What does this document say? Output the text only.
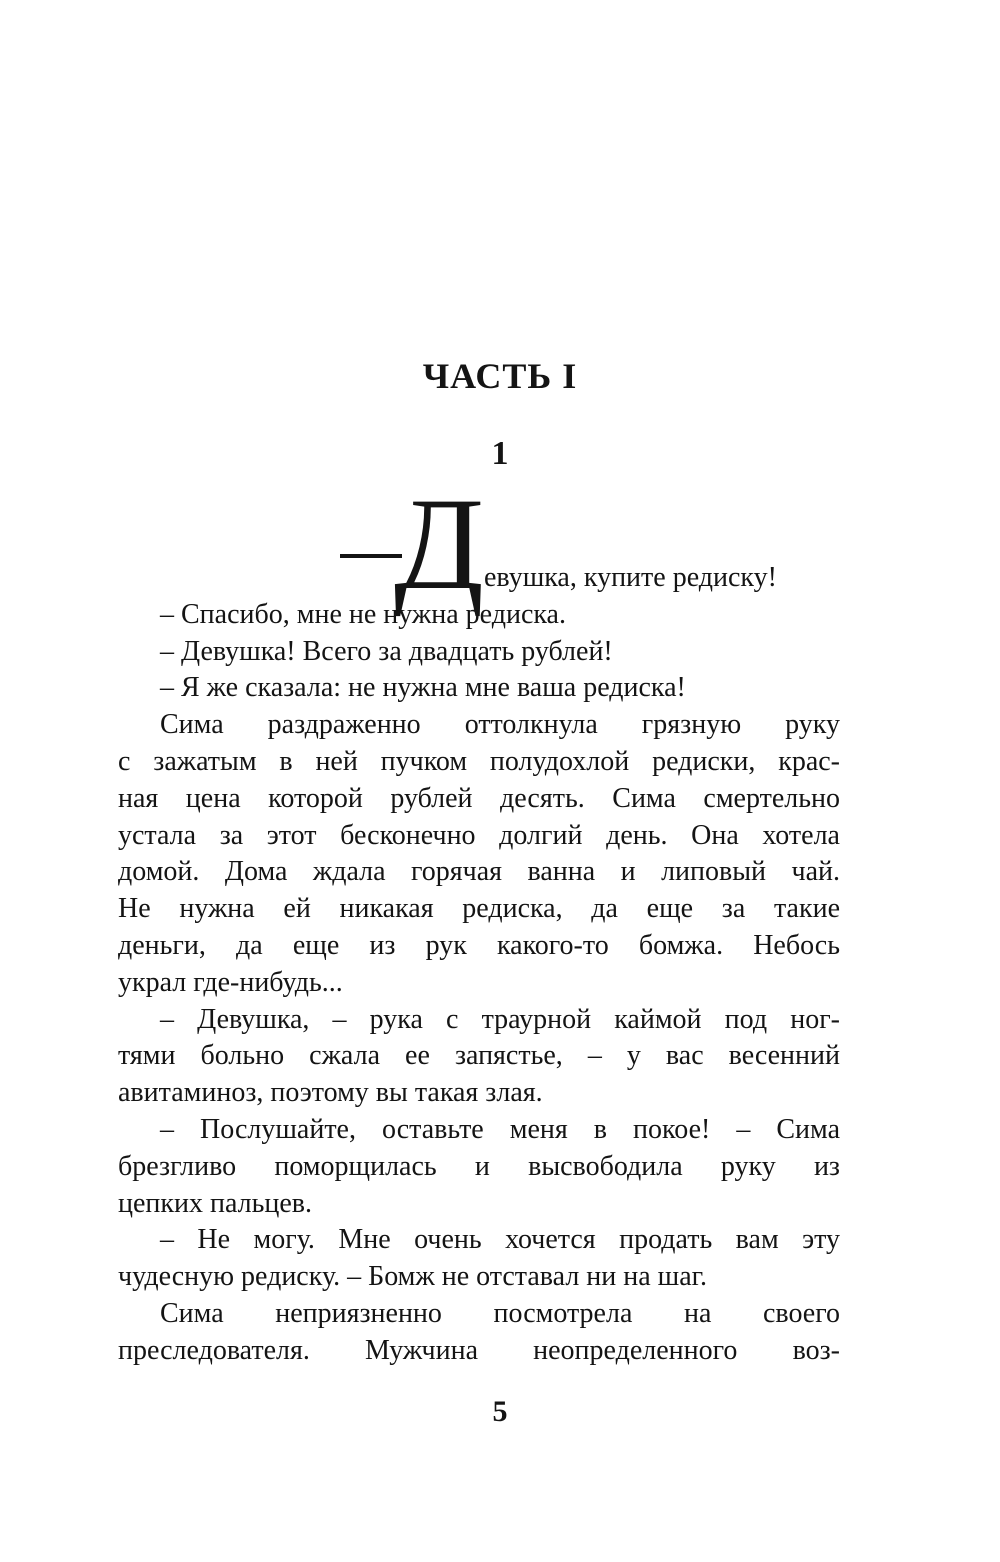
ЧАСТЬ I
1
Д евушка, купите редиску!
– Спасибо, мне не нужна редиска.
– Девушка! Всего за двадцать рублей!
– Я же сказала: не нужна мне ваша редиска!
Сима раздраженно оттолкнула грязную руку
с зажатым в ней пучком полудохлой редиски, крас-
ная цена которой рублей десять. Сима смертельно
устала за этот бесконечно долгий день. Она хотела
домой. Дома ждала горячая ванна и липовый чай.
Не нужна ей никакая редиска, да еще за такие
деньги, да еще из рук какого-то бомжа. Небось
украл где-нибудь...
– Девушка, – рука с траурной каймой под ног-
тями больно сжала ее запястье, – у вас весенний
авитаминоз, поэтому вы такая злая.
– Послушайте, оставьте меня в покое! – Сима
брезгливо поморщилась и высвободила руку из
цепких пальцев.
– Не могу. Мне очень хочется продать вам эту
чудесную редиску. – Бомж не отставал ни на шаг.
Сима неприязненно посмотрела на своего
преследователя. Мужчина неопределенного воз-
5
